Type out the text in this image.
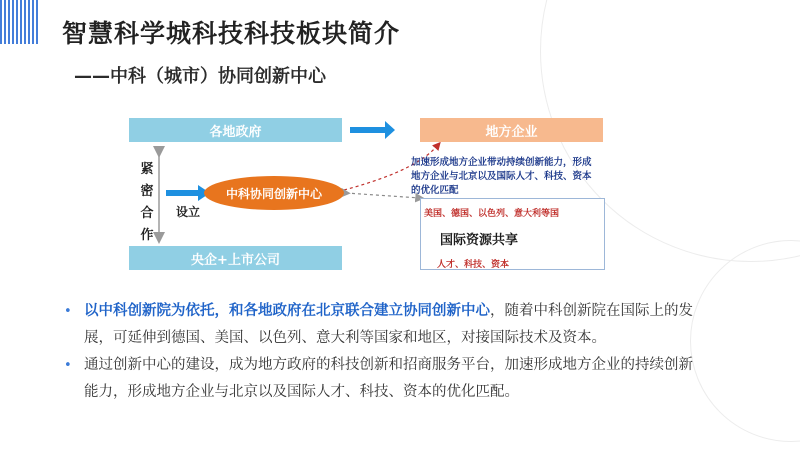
智慧科学城科技科技板块简介
——中科（城市）协同创新中心
各地政府
央企+上市公司
地方企业
中科协同创新中心
紧密合作
设立
加速形成地方企业带动持续创新能力，形成地方企业与北京以及国际人才、科技、资本的优化匹配
美国、德国、以色列、意大利等国
国际资源共享
人才、科技、资本
• 以中科创新院为依托，和各地政府在北京联合建立协同创新中心，随着中科创新院在国际上的发展，可延伸到德国、美国、以色列、意大利等国家和地区，对接国际技术及资本。
• 通过创新中心的建设，成为地方政府的科技创新和招商服务平台，加速形成地方企业的持续创新能力，形成地方企业与北京以及国际人才、科技、资本的优化匹配。
